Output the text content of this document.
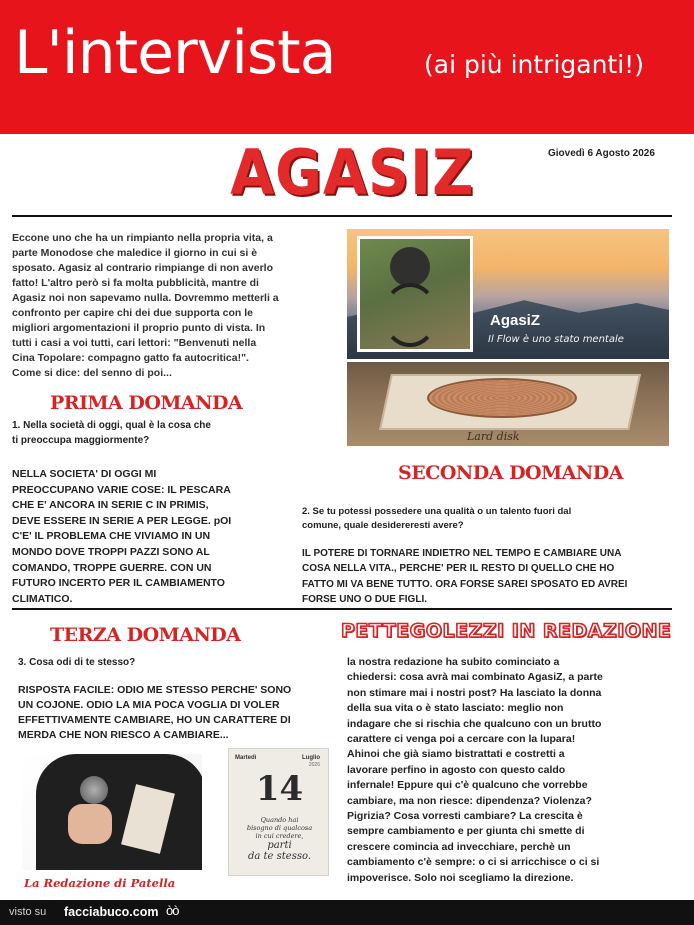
L'intervista	(ai più intriganti!)
AGASIZ	Giovedì 6 Agosto 2026
Eccone uno che ha un rimpianto nella propria vita, a
parte Monodose che maledice il giorno in cui si è
sposato. Agasiz al contrario rimpiange di non averlo
fatto! L'altro però si fa molta pubblicità, mantre di
Agasiz noi non sapevamo nulla. Dovremmo metterli a
confronto per capire chi dei due supporta con le
migliori argomentazioni il proprio punto di vista. In
tutti i casi a voi tutti, cari lettori: "Benvenuti nella
Cina Topolare: compagno gatto fa autocritica!".
Come si dice: del senno di poi...
AgasiZ
Il Flow è uno stato mentale
Lard disk
PRIMA DOMANDA
1. Nella società di oggi, qual è la cosa che
ti preoccupa maggiormente?
NELLA SOCIETA' DI OGGI MI
PREOCCUPANO VARIE COSE: IL PESCARA
CHE E' ANCORA IN SERIE C IN PRIMIS,
DEVE ESSERE IN SERIE A PER LEGGE. pOI
C'E' IL PROBLEMA CHE VIVIAMO IN UN
MONDO DOVE TROPPI PAZZI SONO AL
COMANDO, TROPPE GUERRE. CON UN
FUTURO INCERTO PER IL CAMBIAMENTO
CLIMATICO.
SECONDA DOMANDA
2. Se tu potessi possedere una qualità o un talento fuori dal
comune, quale desidereresti avere?
IL POTERE DI TORNARE INDIETRO NEL TEMPO E CAMBIARE UNA
COSA NELLA VITA., PERCHE' PER IL RESTO DI QUELLO CHE HO
FATTO MI VA BENE TUTTO. ORA FORSE SAREI SPOSATO ED AVREI
FORSE UNO O DUE FIGLI.
TERZA DOMANDA
3. Cosa odi di te stesso?
RISPOSTA FACILE: ODIO ME STESSO PERCHE' SONO
UN COJONE. ODIO LA MIA POCA VOGLIA DI VOLER
EFFETTIVAMENTE CAMBIARE, HO UN CARATTERE DI
MERDA CHE NON RIESCO A CAMBIARE...
La Redazione di Patella
Martedì	Luglio
2026
14
Quando hai
bisogno di qualcosa
in cui credere,
parti
da te stesso.
PETTEGOLEZZI IN REDAZIONE
la nostra redazione ha subito cominciato a
chiedersi: cosa avrà mai combinato AgasiZ, a parte
non stimare mai i nostri post? Ha lasciato la donna
della sua vita o è stato lasciato: meglio non
indagare che si rischia che qualcuno con un brutto
carattere ci venga poi a cercare con la lupara!
Ahinoi che già siamo bistrattati e costretti a
lavorare perfino in agosto con questo caldo
infernale! Eppure qui c'è qualcuno che vorrebbe
cambiare, ma non riesce: dipendenza? Violenza?
Pigrizia? Cosa vorresti cambiare? La crescita è
sempre cambiamento e per giunta chi smette di
crescere comincia ad invecchiare, perchè un
cambiamento c'è sempre: o ci si arricchisce o ci si
impoverisce. Solo noi scegliamo la direzione.
visto su facciabuco.com òò
